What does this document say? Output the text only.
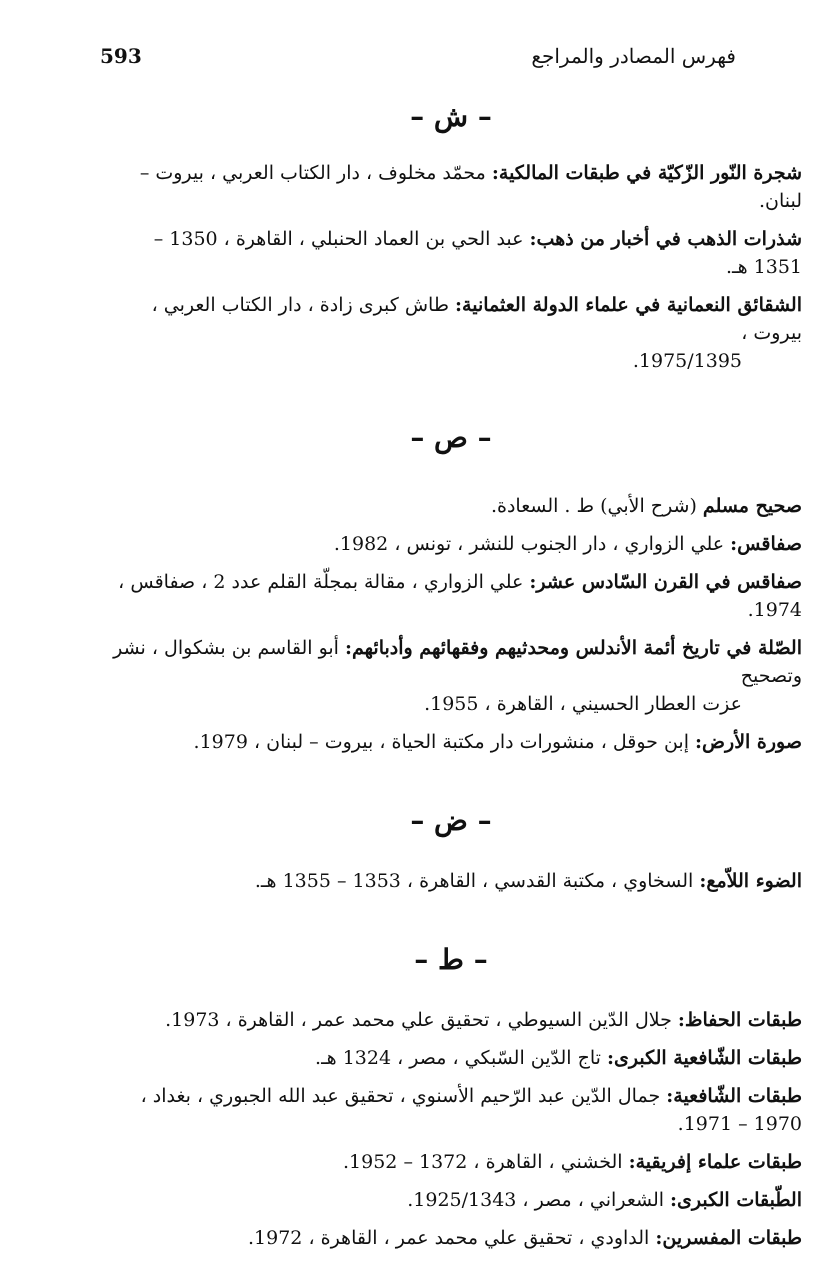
593	فهرس المصادر والمراجع
– ش –

شجرة النّور الزّكيّة في طبقات المالكية: محمّد مخلوف ، دار الكتاب العربي ، بيروت – لبنان.

شذرات الذهب في أخبار من ذهب: عبد الحي بن العماد الحنبلي ، القاهرة ، 1350 – 1351 هـ.

الشقائق النعمانية في علماء الدولة العثمانية: طاش كبرى زادة ، دار الكتاب العربي ، بيروت ،
1975/1395.

– ص –

صحيح مسلم (شرح الأبي) ط . السعادة.

صفاقس: علي الزواري ، دار الجنوب للنشر ، تونس ، 1982.

صفاقس في القرن السّادس عشر: علي الزواري ، مقالة بمجلّة القلم عدد 2 ، صفاقس ، 1974.

الصّلة في تاريخ أئمة الأندلس ومحدثيهم وفقهائهم وأدبائهم: أبو القاسم بن بشكوال ، نشر وتصحيح
عزت العطار الحسيني ، القاهرة ، 1955.

صورة الأرض: إبن حوقل ، منشورات دار مكتبة الحياة ، بيروت – لبنان ، 1979.

– ض –

الضوء اللاّمع: السخاوي ، مكتبة القدسي ، القاهرة ، 1353 – 1355 هـ.

– ط –

طبقات الحفاظ: جلال الدّين السيوطي ، تحقيق علي محمد عمر ، القاهرة ، 1973.

طبقات الشّافعية الكبرى: تاج الدّين السّبكي ، مصر ، 1324 هـ.

طبقات الشّافعية: جمال الدّين عبد الرّحيم الأسنوي ، تحقيق عبد الله الجبوري ، بغداد ، 1970 – 1971.

طبقات علماء إفريقية: الخشني ، القاهرة ، 1372 – 1952.

الطّبقات الكبرى: الشعراني ، مصر ، 1925/1343.

طبقات المفسرين: الداودي ، تحقيق علي محمد عمر ، القاهرة ، 1972.
